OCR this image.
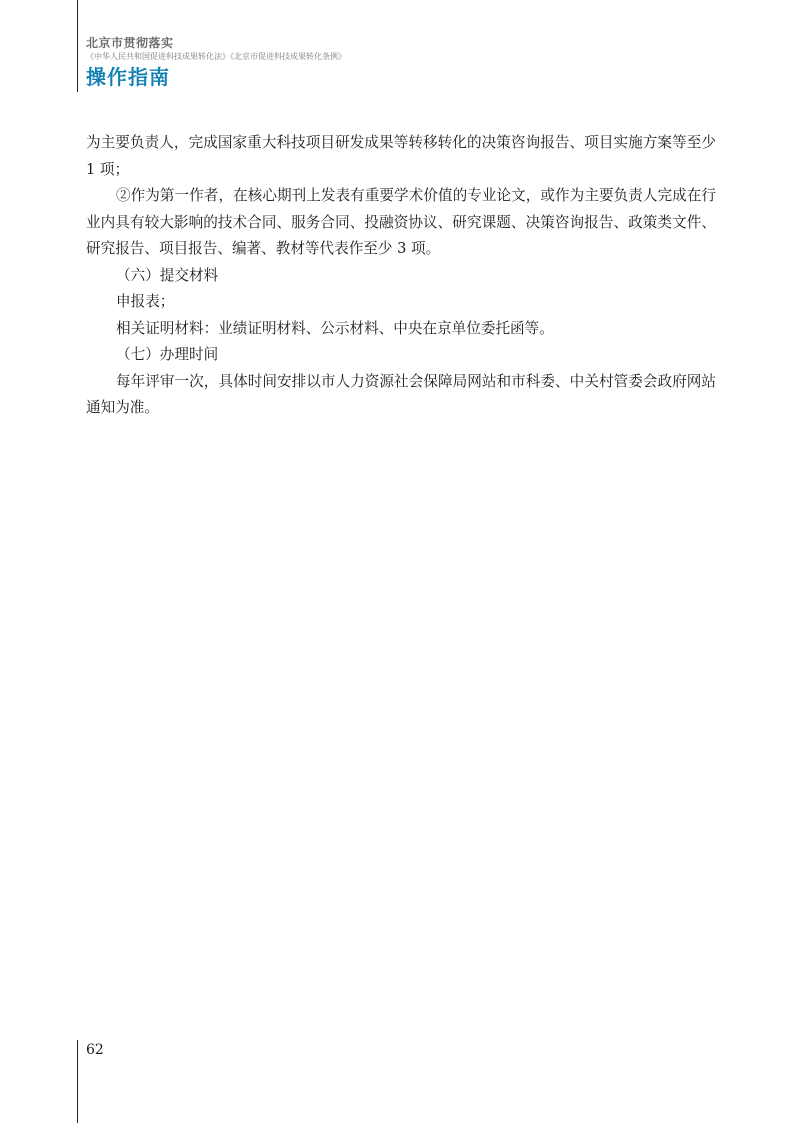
北京市贯彻落实
《中华人民共和国促进科技成果转化法》《北京市促进科技成果转化条例》
操作指南

为主要负责人，完成国家重大科技项目研发成果等转移转化的决策咨询报告、项目实施方案等至少 1 项；

②作为第一作者，在核心期刊上发表有重要学术价值的专业论文，或作为主要负责人完成在行业内具有较大影响的技术合同、服务合同、投融资协议、研究课题、决策咨询报告、政策类文件、研究报告、项目报告、编著、教材等代表作至少 3 项。

（六）提交材料

申报表；

相关证明材料：业绩证明材料、公示材料、中央在京单位委托函等。

（七）办理时间

每年评审一次，具体时间安排以市人力资源社会保障局网站和市科委、中关村管委会政府网站通知为准。

62
